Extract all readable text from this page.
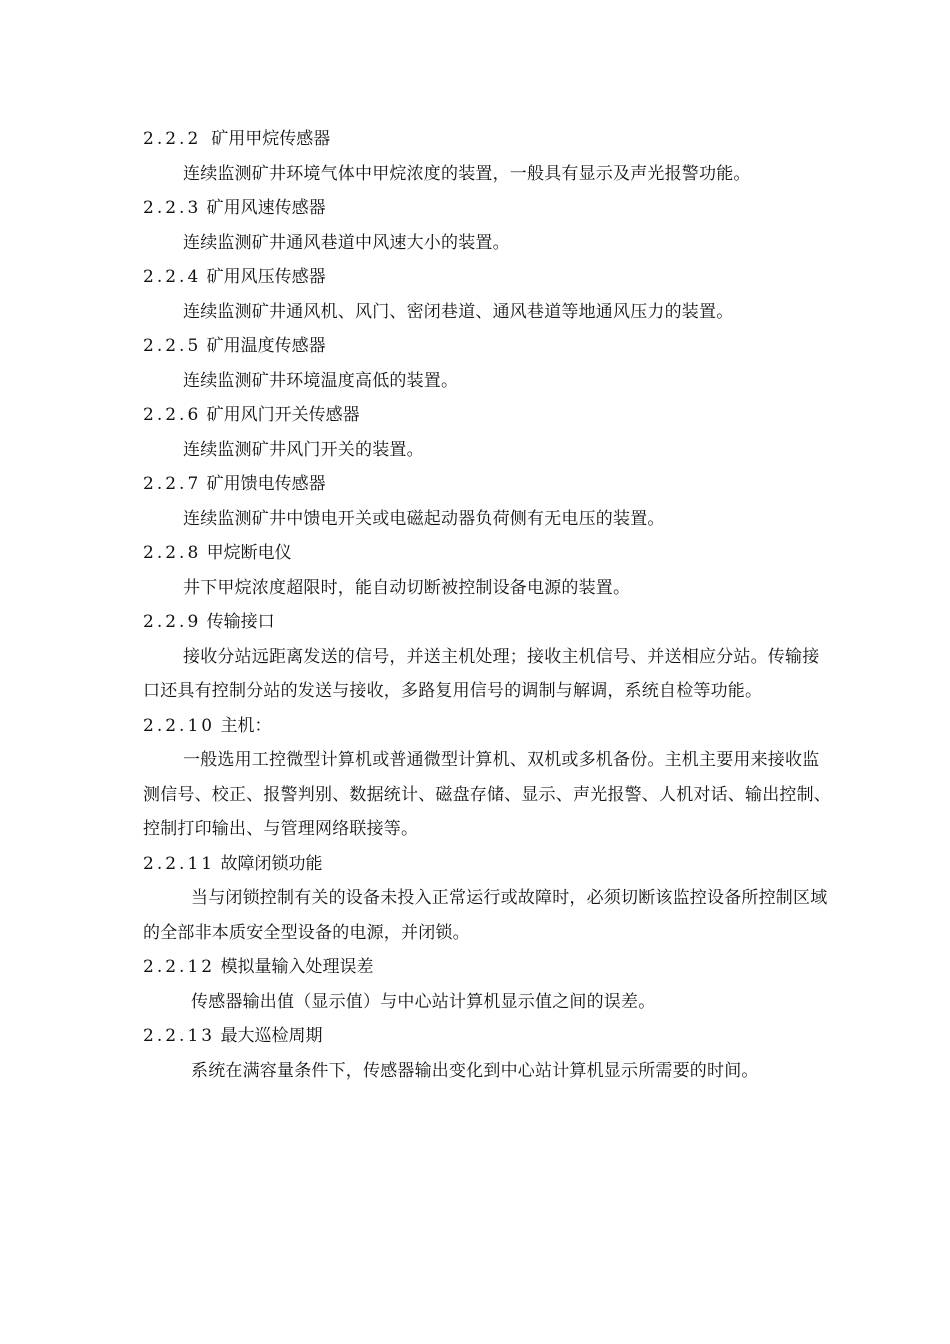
2.2.2 矿用甲烷传感器
连续监测矿井环境气体中甲烷浓度的装置，一般具有显示及声光报警功能。
2.2.3 矿用风速传感器
连续监测矿井通风巷道中风速大小的装置。
2.2.4 矿用风压传感器
连续监测矿井通风机、风门、密闭巷道、通风巷道等地通风压力的装置。
2.2.5 矿用温度传感器
连续监测矿井环境温度高低的装置。
2.2.6 矿用风门开关传感器
连续监测矿井风门开关的装置。
2.2.7 矿用馈电传感器
连续监测矿井中馈电开关或电磁起动器负荷侧有无电压的装置。
2.2.8 甲烷断电仪
井下甲烷浓度超限时，能自动切断被控制设备电源的装置。
2.2.9 传输接口
接收分站远距离发送的信号，并送主机处理；接收主机信号、并送相应分站。传输接口还具有控制分站的发送与接收，多路复用信号的调制与解调，系统自检等功能。
2.2.10 主机：
一般选用工控微型计算机或普通微型计算机、双机或多机备份。主机主要用来接收监测信号、校正、报警判别、数据统计、磁盘存储、显示、声光报警、人机对话、输出控制、控制打印输出、与管理网络联接等。
2.2.11 故障闭锁功能
当与闭锁控制有关的设备未投入正常运行或故障时，必须切断该监控设备所控制区域的全部非本质安全型设备的电源，并闭锁。
2.2.12 模拟量输入处理误差
传感器输出值（显示值）与中心站计算机显示值之间的误差。
2.2.13 最大巡检周期
系统在满容量条件下，传感器输出变化到中心站计算机显示所需要的时间。
